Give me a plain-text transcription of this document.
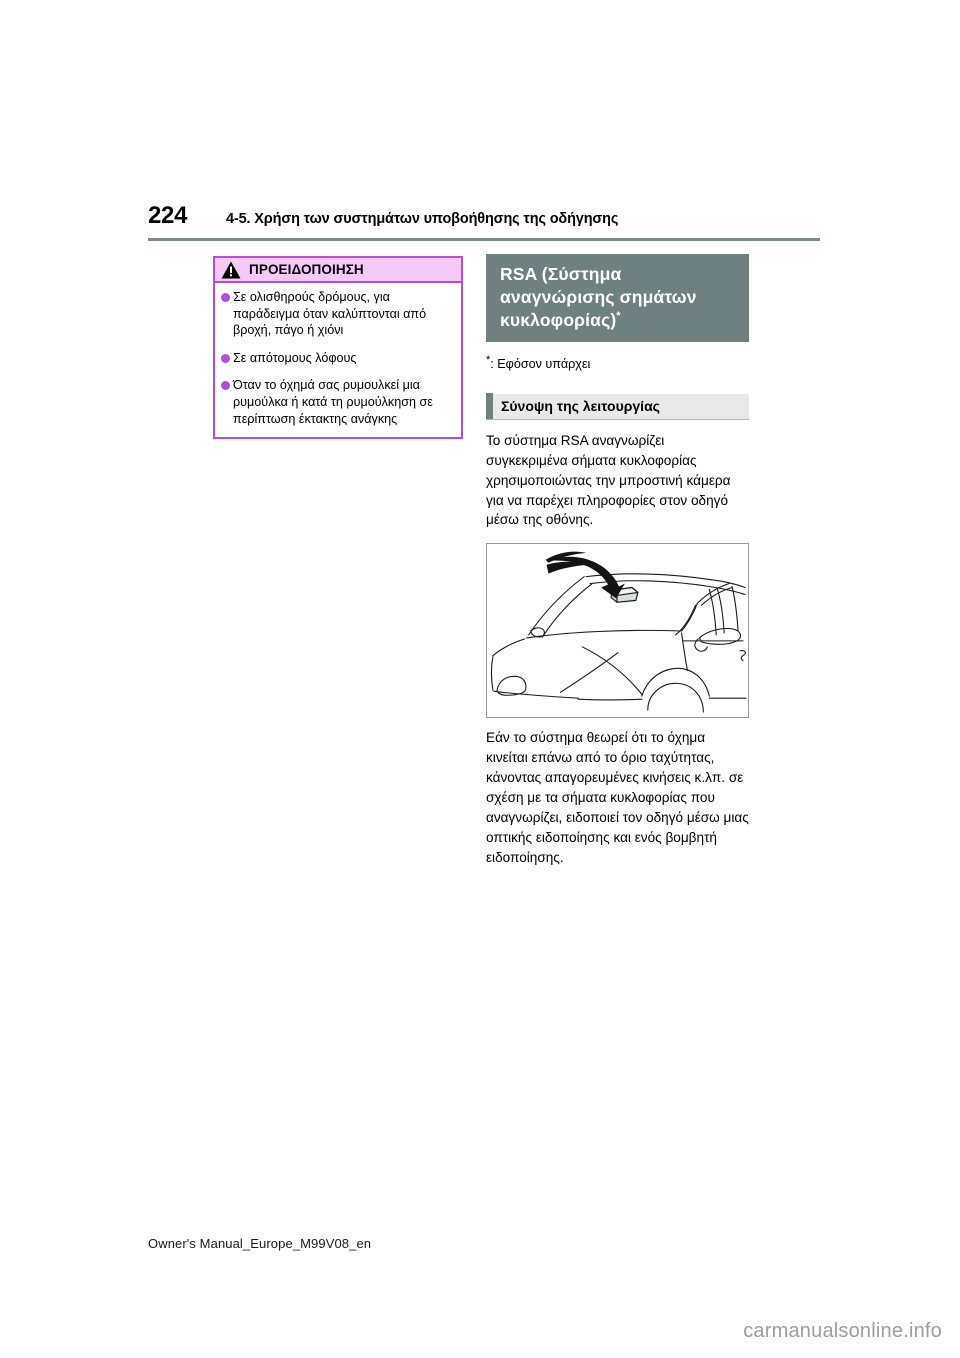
224	4-5. Χρήση των συστημάτων υποβοήθησης της οδήγησης
ΠΡΟΕΙΔΟΠΟΙΗΣΗ
Σε ολισθηρούς δρόμους, για παράδειγμα όταν καλύπτονται από βροχή, πάγο ή χιόνι
Σε απότομους λόφους
Όταν το όχημά σας ρυμουλκεί μια ρυμούλκα ή κατά τη ρυμούλκηση σε περίπτωση έκτακτης ανάγκης
RSA (Σύστημα αναγνώρισης σημάτων κυκλοφορίας)*
*: Εφόσον υπάρχει
Σύνοψη της λειτουργίας
Το σύστημα RSA αναγνωρίζει συγκεκριμένα σήματα κυκλοφορίας χρησιμοποιώντας την μπροστινή κάμερα για να παρέχει πληροφορίες στον οδηγό μέσω της οθόνης.
Εάν το σύστημα θεωρεί ότι το όχημα κινείται επάνω από το όριο ταχύτητας, κάνοντας απαγορευμένες κινήσεις κ.λπ. σε σχέση με τα σήματα κυκλοφορίας που αναγνωρίζει, ειδοποιεί τον οδηγό μέσω μιας οπτικής ειδοποίησης και ενός βομβητή ειδοποίησης.
Owner's Manual_Europe_M99V08_en
carmanualsonline.info
